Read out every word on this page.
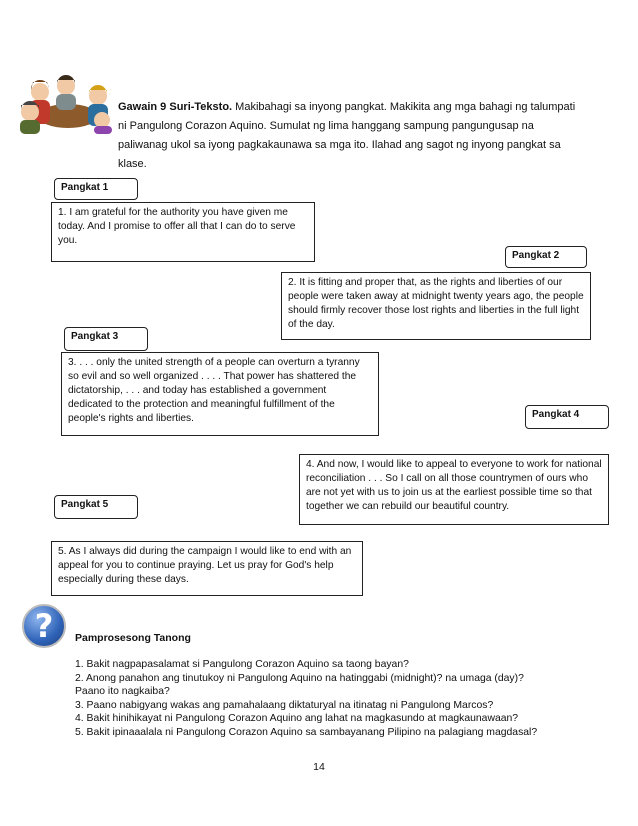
Gawain 9 Suri-Teksto. Makibahagi sa inyong pangkat. Makikita ang mga bahagi ng talumpati ni Pangulong Corazon Aquino. Sumulat ng lima hanggang sampung pangungusap na paliwanag ukol sa iyong pagkakaunawa sa mga ito. Ilahad ang sagot ng inyong pangkat sa klase.
Pangkat 1
1. I am grateful for the authority you have given me today. And I promise to offer all that I can do to serve you.
Pangkat 2
2. It is fitting and proper that, as the rights and liberties of our people were taken away at midnight twenty years ago, the people should firmly recover those lost rights and liberties in the full light of the day.
Pangkat 3
3. . . . only the united strength of a people can overturn a tyranny so evil and so well organized . . . . That power has shattered the dictatorship, . . . and today has established a government dedicated to the protection and meaningful fulfillment of the people's rights and liberties.	Pangkat 4
4. And now, I would like to appeal to everyone to work for national reconciliation . . . So I call on all those countrymen of ours who are not yet with us to join us at the earliest possible time so that together we can rebuild our beautiful country.
Pangkat 5
5. As I always did during the campaign I would like to end with an appeal for you to continue praying. Let us pray for God's help especially during these days.
?	Pamprosesong Tanong
1. Bakit nagpapasalamat si Pangulong Corazon Aquino sa taong bayan?
2. Anong panahon ang tinutukoy ni Pangulong Aquino na hatinggabi (midnight)? na umaga (day)? Paano ito nagkaiba?
3. Paano nabigyang wakas ang pamahalaang diktaturyal na itinatag ni Pangulong Marcos?
4. Bakit hinihikayat ni Pangulong Corazon Aquino ang lahat na magkasundo at magkaunawaan?
5. Bakit ipinaaalala ni Pangulong Corazon Aquino sa sambayanang Pilipino na palagiang magdasal?
14
